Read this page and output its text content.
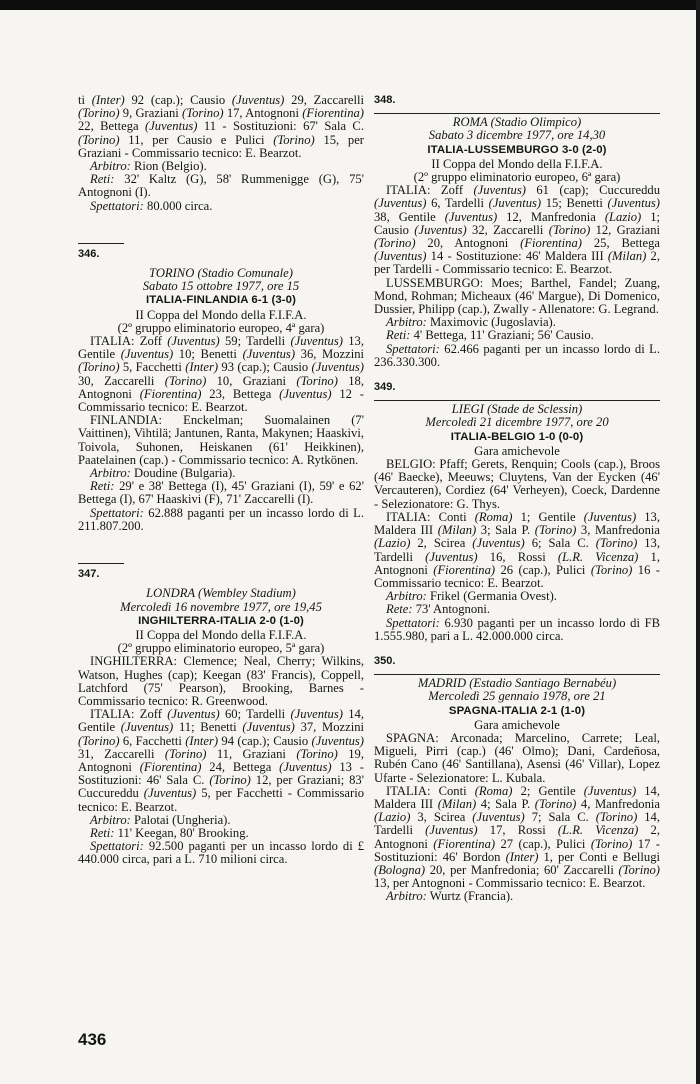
ti (Inter) 92 (cap.); Causio (Juventus) 29, Zaccarelli (Torino) 9, Graziani (Torino) 17, Antognoni (Fiorentina) 22, Bettega (Juventus) 11 - Sostituzioni: 67' Sala C. (Torino) 11, per Causio e Pulici (Torino) 15, per Graziani - Commissario tecnico: E. Bearzot.

Arbitro: Rion (Belgio).

Reti: 32' Kaltz (G), 58' Rummenigge (G), 75' Antognoni (I).

Spettatori: 80.000 circa.

346.

TORINO (Stadio Comunale)

Sabato 15 ottobre 1977, ore 15

ITALIA-FINLANDIA 6-1 (3-0)

II Coppa del Mondo della F.I.F.A.

(2º gruppo eliminatorio europeo, 4ª gara)

ITALIA: Zoff (Juventus) 59; Tardelli (Juventus) 13, Gentile (Juventus) 10; Benetti (Juventus) 36, Mozzini (Torino) 5, Facchetti (Inter) 93 (cap.); Causio (Juventus) 30, Zaccarelli (Torino) 10, Graziani (Torino) 18, Antognoni (Fiorentina) 23, Bettega (Juventus) 12 - Commissario tecnico: E. Bearzot.

FINLANDIA: Enckelman; Suomalainen (7' Vaittinen), Vihtilä; Jantunen, Ranta, Makynen; Haaskivi, Toivola, Suhonen, Heiskanen (61' Heikkinen), Paatelainen (cap.) - Commissario tecnico: A. Rytkönen.

Arbitro: Doudine (Bulgaria).

Reti: 29' e 38' Bettega (I), 45' Graziani (I), 59' e 62' Bettega (I), 67' Haaskivi (F), 71' Zaccarelli (I).

Spettatori: 62.888 paganti per un incasso lordo di L. 211.807.200.

347.

LONDRA (Wembley Stadium)

Mercoledì 16 novembre 1977, ore 19,45

INGHILTERRA-ITALIA 2-0 (1-0)

II Coppa del Mondo della F.I.F.A.

(2º gruppo eliminatorio europeo, 5ª gara)

INGHILTERRA: Clemence; Neal, Cherry; Wilkins, Watson, Hughes (cap); Keegan (83' Francis), Coppell, Latchford (75' Pearson), Brooking, Barnes - Commissario tecnico: R. Greenwood.

ITALIA: Zoff (Juventus) 60; Tardelli (Juventus) 14, Gentile (Juventus) 11; Benetti (Juventus) 37, Mozzini (Torino) 6, Facchetti (Inter) 94 (cap.); Causio (Juventus) 31, Zaccarelli (Torino) 11, Graziani (Torino) 19, Antognoni (Fiorentina) 24, Bettega (Juventus) 13 - Sostituzioni: 46' Sala C. (Torino) 12, per Graziani; 83' Cuccureddu (Juventus) 5, per Facchetti - Commissario tecnico: E. Bearzot.

Arbitro: Palotai (Ungheria).

Reti: 11' Keegan, 80' Brooking.

Spettatori: 92.500 paganti per un incasso lordo di £ 440.000 circa, pari a L. 710 milioni circa.

348.

ROMA (Stadio Olimpico)

Sabato 3 dicembre 1977, ore 14,30

ITALIA-LUSSEMBURGO 3-0 (2-0)

II Coppa del Mondo della F.I.F.A.

(2º gruppo eliminatorio europeo, 6ª gara)

ITALIA: Zoff (Juventus) 61 (cap); Cuccureddu (Juventus) 6, Tardelli (Juventus) 15; Benetti (Juventus) 38, Gentile (Juventus) 12, Manfredonia (Lazio) 1; Causio (Juventus) 32, Zaccarelli (Torino) 12, Graziani (Torino) 20, Antognoni (Fiorentina) 25, Bettega (Juventus) 14 - Sostituzione: 46' Maldera III (Milan) 2, per Tardelli - Commissario tecnico: E. Bearzot.

LUSSEMBURGO: Moes; Barthel, Fandel; Zuang, Mond, Rohman; Micheaux (46' Margue), Di Domenico, Dussier, Philipp (cap.), Zwally - Allenatore: G. Legrand.

Arbitro: Maximovic (Jugoslavia).

Reti: 4' Bettega, 11' Graziani; 56' Causio.

Spettatori: 62.466 paganti per un incasso lordo di L. 236.330.300.

349.

LIEGI (Stade de Sclessin)

Mercoledì 21 dicembre 1977, ore 20

ITALIA-BELGIO 1-0 (0-0)

Gara amichevole

BELGIO: Pfaff; Gerets, Renquin; Cools (cap.), Broos (46' Baecke), Meeuws; Cluytens, Van der Eycken (46' Vercauteren), Cordiez (64' Verheyen), Coeck, Dardenne - Selezionatore: G. Thys.

ITALIA: Conti (Roma) 1; Gentile (Juventus) 13, Maldera III (Milan) 3; Sala P. (Torino) 3, Manfredonia (Lazio) 2, Scirea (Juventus) 6; Sala C. (Torino) 13, Tardelli (Juventus) 16, Rossi (L.R. Vicenza) 1, Antognoni (Fiorentina) 26 (cap.), Pulici (Torino) 16 - Commissario tecnico: E. Bearzot.

Arbitro: Frikel (Germania Ovest).

Rete: 73' Antognoni.

Spettatori: 6.930 paganti per un incasso lordo di FB 1.555.980, pari a L. 42.000.000 circa.

350.

MADRID (Estadio Santiago Bernabéu)

Mercoledì 25 gennaio 1978, ore 21

SPAGNA-ITALIA 2-1 (1-0)

Gara amichevole

SPAGNA: Arconada; Marcelino, Carrete; Leal, Migueli, Pirri (cap.) (46' Olmo); Dani, Cardeñosa, Rubén Cano (46' Santillana), Asensi (46' Villar), Lopez Ufarte - Selezionatore: L. Kubala.

ITALIA: Conti (Roma) 2; Gentile (Juventus) 14, Maldera III (Milan) 4; Sala P. (Torino) 4, Manfredonia (Lazio) 3, Scirea (Juventus) 7; Sala C. (Torino) 14, Tardelli (Juventus) 17, Rossi (L.R. Vicenza) 2, Antognoni (Fiorentina) 27 (cap.), Pulici (Torino) 17 - Sostituzioni: 46' Bordon (Inter) 1, per Conti e Bellugi (Bologna) 20, per Manfredonia; 60' Zaccarelli (Torino) 13, per Antognoni - Commissario tecnico: E. Bearzot.

Arbitro: Wurtz (Francia).

436
